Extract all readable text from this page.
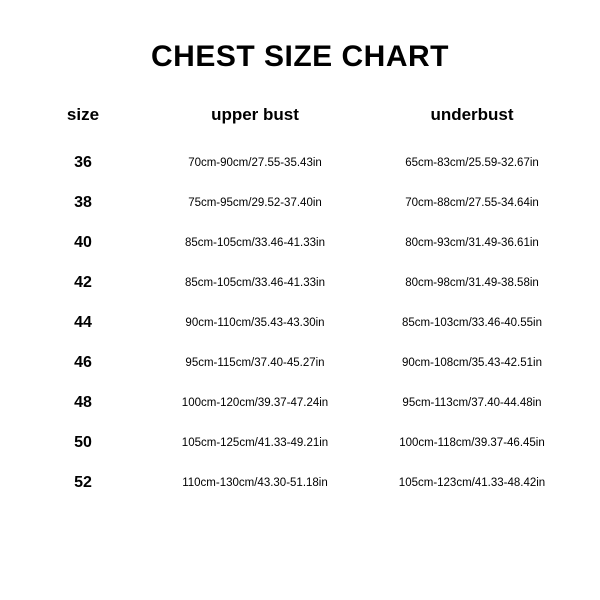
CHEST SIZE CHART
size	upper bust	underbust
36	70cm-90cm/27.55-35.43in	65cm-83cm/25.59-32.67in
38	75cm-95cm/29.52-37.40in	70cm-88cm/27.55-34.64in
40	85cm-105cm/33.46-41.33in	80cm-93cm/31.49-36.61in
42	85cm-105cm/33.46-41.33in	80cm-98cm/31.49-38.58in
44	90cm-110cm/35.43-43.30in	85cm-103cm/33.46-40.55in
46	95cm-115cm/37.40-45.27in	90cm-108cm/35.43-42.51in
48	100cm-120cm/39.37-47.24in	95cm-113cm/37.40-44.48in
50	105cm-125cm/41.33-49.21in	100cm-118cm/39.37-46.45in
52	110cm-130cm/43.30-51.18in	105cm-123cm/41.33-48.42in
